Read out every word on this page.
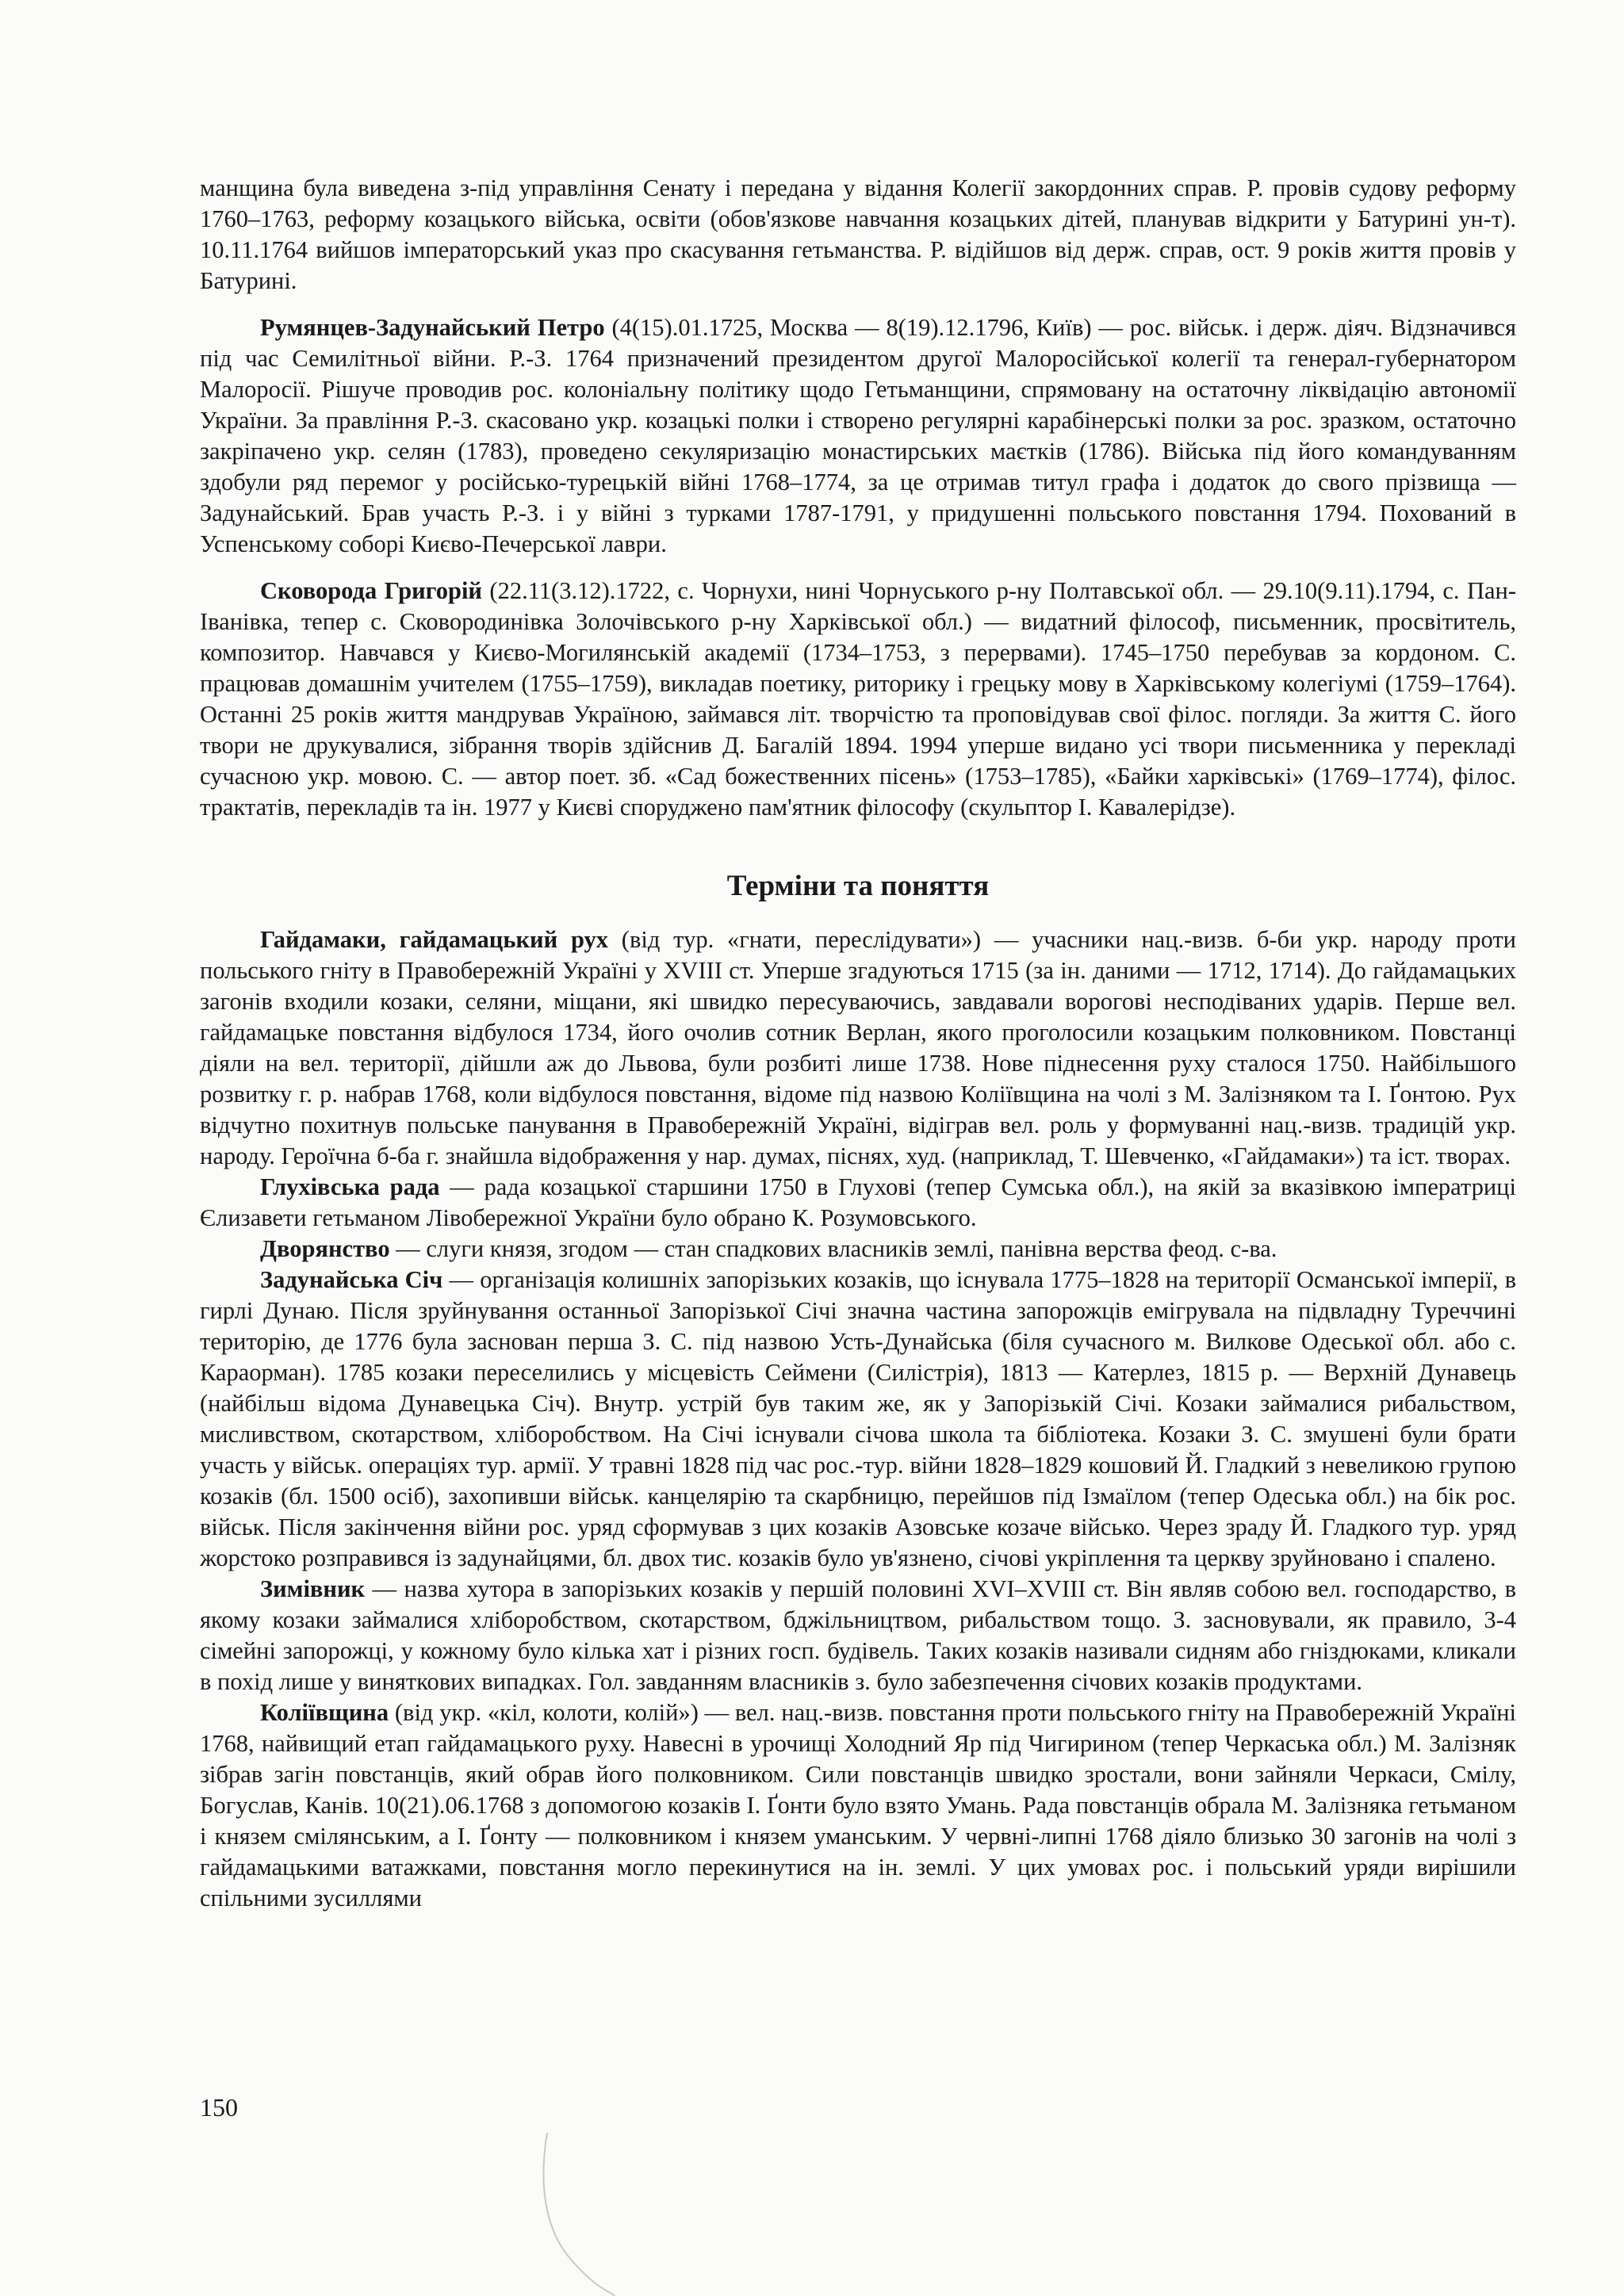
манщина була виведена з-під управління Сенату і передана у відання Колегії закордонних справ. Р. провів судову реформу 1760–1763, реформу козацького війська, освіти (обов'язкове навчання козацьких дітей, планував відкрити у Батурині ун-т). 10.11.1764 вийшов імператорський указ про скасування гетьманства. Р. відійшов від держ. справ, ост. 9 років життя провів у Батурині.

Румянцев-Задунайський Петро (4(15).01.1725, Москва — 8(19).12.1796, Київ) — рос. військ. і держ. діяч. Відзначився під час Семилітньої війни. Р.-З. 1764 призначений президентом другої Малоросійської колегії та генерал-губернатором Малоросії. Рішуче проводив рос. колоніальну політику щодо Гетьманщини, спрямовану на остаточну ліквідацію автономії України. За правління Р.-З. скасовано укр. козацькі полки і створено регулярні карабінерські полки за рос. зразком, остаточно закріпачено укр. селян (1783), проведено секуляризацію монастирських маєтків (1786). Війська під його командуванням здобули ряд перемог у російсько-турецькій війні 1768–1774, за це отримав титул графа і додаток до свого прізвища — Задунайський. Брав участь Р.-З. і у війні з турками 1787-1791, у придушенні польського повстання 1794. Похований в Успенському соборі Києво-Печерської лаври.

Сковорода Григорій (22.11(3.12).1722, с. Чорнухи, нині Чорнуського р-ну Полтавської обл. — 29.10(9.11).1794, с. Пан-Іванівка, тепер с. Сковородинівка Золочівського р-ну Харківської обл.) — видатний філософ, письменник, просвітитель, композитор. Навчався у Києво-Могилянській академії (1734–1753, з перервами). 1745–1750 перебував за кордоном. С. працював домашнім учителем (1755–1759), викладав поетику, риторику і грецьку мову в Харківському колегіумі (1759–1764). Останні 25 років життя мандрував Україною, займався літ. творчістю та проповідував свої філос. погляди. За життя С. його твори не друкувалися, зібрання творів здійснив Д. Багалій 1894. 1994 уперше видано усі твори письменника у перекладі сучасною укр. мовою. С. — автор поет. зб. «Сад божественних пісень» (1753–1785), «Байки харківські» (1769–1774), філос. трактатів, перекладів та ін. 1977 у Києві споруджено пам'ятник філософу (скульптор І. Кавалерідзе).

Терміни та поняття

Гайдамаки, гайдамацький рух (від тур. «гнати, переслідувати») — учасники нац.-визв. б-би укр. народу проти польського гніту в Правобережній Україні у XVIII ст. Уперше згадуються 1715 (за ін. даними — 1712, 1714). До гайдамацьких загонів входили козаки, селяни, міщани, які швидко пересуваючись, завдавали ворогові несподіваних ударів. Перше вел. гайдамацьке повстання відбулося 1734, його очолив сотник Верлан, якого проголосили козацьким полковником. Повстанці діяли на вел. території, дійшли аж до Львова, були розбиті лише 1738. Нове піднесення руху сталося 1750. Найбільшого розвитку г. р. набрав 1768, коли відбулося повстання, відоме під назвою Коліївщина на чолі з М. Залізняком та І. Ґонтою. Рух відчутно похитнув польське панування в Правобережній Україні, відіграв вел. роль у формуванні нац.-визв. традицій укр. народу. Героїчна б-ба г. знайшла відображення у нар. думах, піснях, худ. (наприклад, Т. Шевченко, «Гайдамаки») та іст. творах.

Глухівська рада — рада козацької старшини 1750 в Глухові (тепер Сумська обл.), на якій за вказівкою імператриці Єлизавети гетьманом Лівобережної України було обрано К. Розумовського.

Дворянство — слуги князя, згодом — стан спадкових власників землі, панівна верства феод. с-ва.

Задунайська Січ — організація колишніх запорізьких козаків, що існувала 1775–1828 на території Османської імперії, в гирлі Дунаю. Після зруйнування останньої Запорізької Січі значна частина запорожців емігрувала на підвладну Туреччині територію, де 1776 була заснован перша З. С. під назвою Усть-Дунайська (біля сучасного м. Вилкове Одеської обл. або с. Караорман). 1785 козаки переселились у місцевість Сеймени (Силістрія), 1813 — Катерлез, 1815 р. — Верхній Дунавець (найбільш відома Дунавецька Січ). Внутр. устрій був таким же, як у Запорізькій Січі. Козаки займалися рибальством, мисливством, скотарством, хліборобством. На Січі існували січова школа та бібліотека. Козаки З. С. змушені були брати участь у військ. операціях тур. армії. У травні 1828 під час рос.-тур. війни 1828–1829 кошовий Й. Гладкий з невеликою групою козаків (бл. 1500 осіб), захопивши військ. канцелярію та скарбницю, перейшов під Ізмаїлом (тепер Одеська обл.) на бік рос. військ. Після закінчення війни рос. уряд сформував з цих козаків Азовське козаче військо. Через зраду Й. Гладкого тур. уряд жорстоко розправився із задунайцями, бл. двох тис. козаків було ув'язнено, січові укріплення та церкву зруйновано і спалено.

Зимівник — назва хутора в запорізьких козаків у першій половині XVI–XVIII ст. Він являв собою вел. господарство, в якому козаки займалися хліборобством, скотарством, бджільництвом, рибальством тощо. З. засновували, як правило, 3-4 сімейні запорожці, у кожному було кілька хат і різних госп. будівель. Таких козаків називали сидням або гніздюками, кликали в похід лише у виняткових випадках. Гол. завданням власників з. було забезпечення січових козаків продуктами.

Коліївщина (від укр. «кіл, колоти, колій») — вел. нац.-визв. повстання проти польського гніту на Правобережній Україні 1768, найвищий етап гайдамацького руху. Навесні в урочищі Холодний Яр під Чигирином (тепер Черкаська обл.) М. Залізняк зібрав загін повстанців, який обрав його полковником. Сили повстанців швидко зростали, вони зайняли Черкаси, Смілу, Богуслав, Канів. 10(21).06.1768 з допомогою козаків І. Ґонти було взято Умань. Рада повстанців обрала М. Залізняка гетьманом і князем смілянським, а І. Ґонту — полковником і князем уманським. У червні-липні 1768 діяло близько 30 загонів на чолі з гайдамацькими ватажками, повстання могло перекинутися на ін. землі. У цих умовах рос. і польський уряди вирішили спільними зусиллями

150
